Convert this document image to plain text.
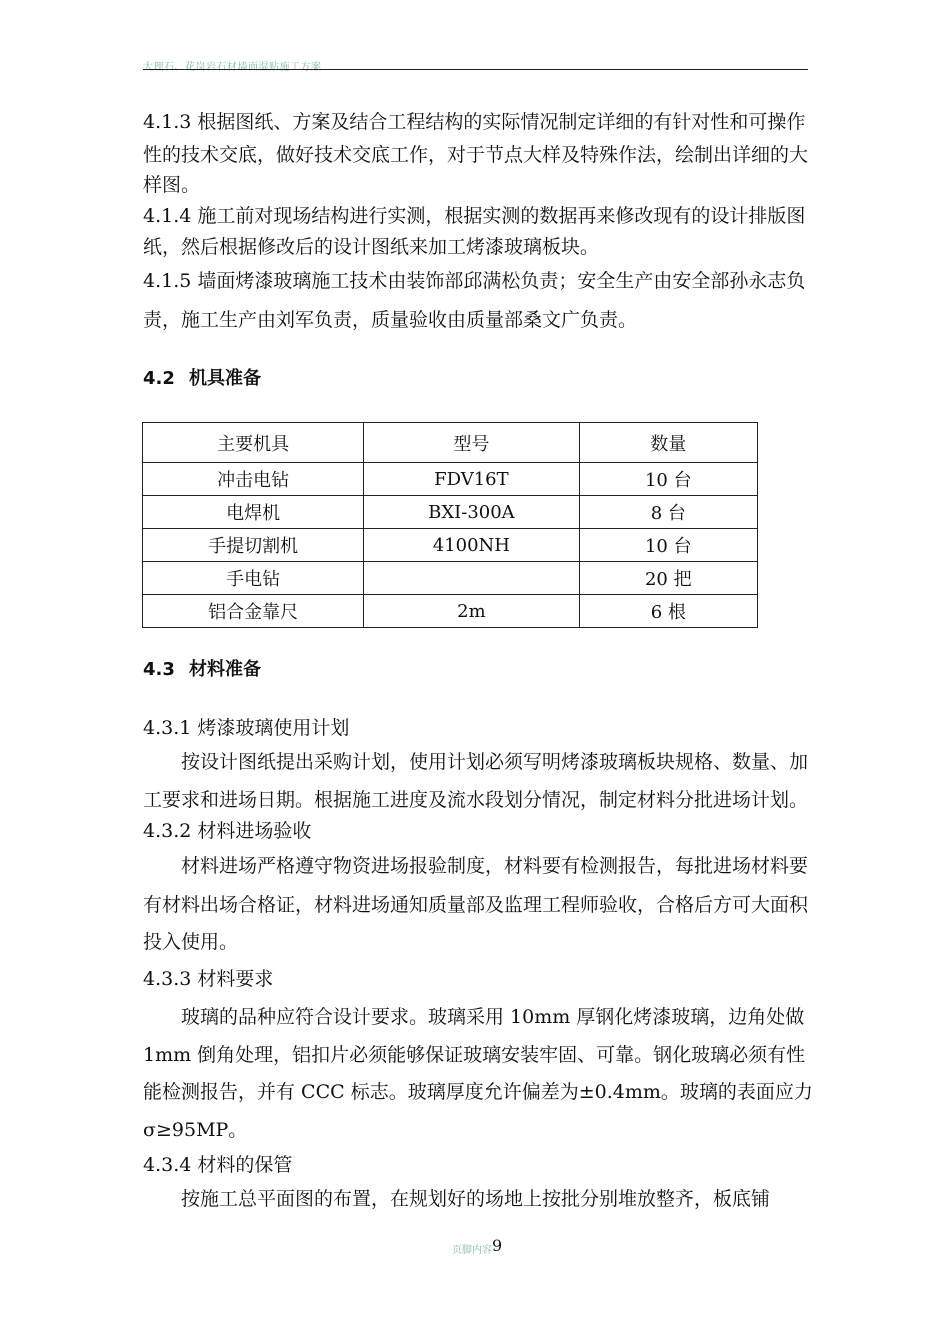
大理石、花岗岩石材墙面湿贴施工方案
4.1.3 根据图纸、方案及结合工程结构的实际情况制定详细的有针对性和可操作
性的技术交底，做好技术交底工作，对于节点大样及特殊作法，绘制出详细的大
样图。
4.1.4 施工前对现场结构进行实测，根据实测的数据再来修改现有的设计排版图
纸，然后根据修改后的设计图纸来加工烤漆玻璃板块。
4.1.5 墙面烤漆玻璃施工技术由装饰部邱满松负责；安全生产由安全部孙永志负
责，施工生产由刘军负责，质量验收由质量部桑文广负责。
4.2 机具准备
主要机具	型号	数量
冲击电钻	FDV16T	10 台
电焊机	BXI-300A	8 台
手提切割机	4100NH	10 台
手电钻		20 把
铝合金靠尺	2m	6 根
4.3 材料准备
4.3.1 烤漆玻璃使用计划
按设计图纸提出采购计划，使用计划必须写明烤漆玻璃板块规格、数量、加
工要求和进场日期。根据施工进度及流水段划分情况，制定材料分批进场计划。
4.3.2 材料进场验收
材料进场严格遵守物资进场报验制度，材料要有检测报告，每批进场材料要
有材料出场合格证，材料进场通知质量部及监理工程师验收，合格后方可大面积
投入使用。
4.3.3 材料要求
玻璃的品种应符合设计要求。玻璃采用 10mm 厚钢化烤漆玻璃，边角处做
1mm 倒角处理，铝扣片必须能够保证玻璃安装牢固、可靠。钢化玻璃必须有性
能检测报告，并有 CCC 标志。玻璃厚度允许偏差为±0.4mm。玻璃的表面应力
σ≥95MP。
4.3.4 材料的保管
按施工总平面图的布置，在规划好的场地上按批分别堆放整齐，板底铺
页脚内容9
